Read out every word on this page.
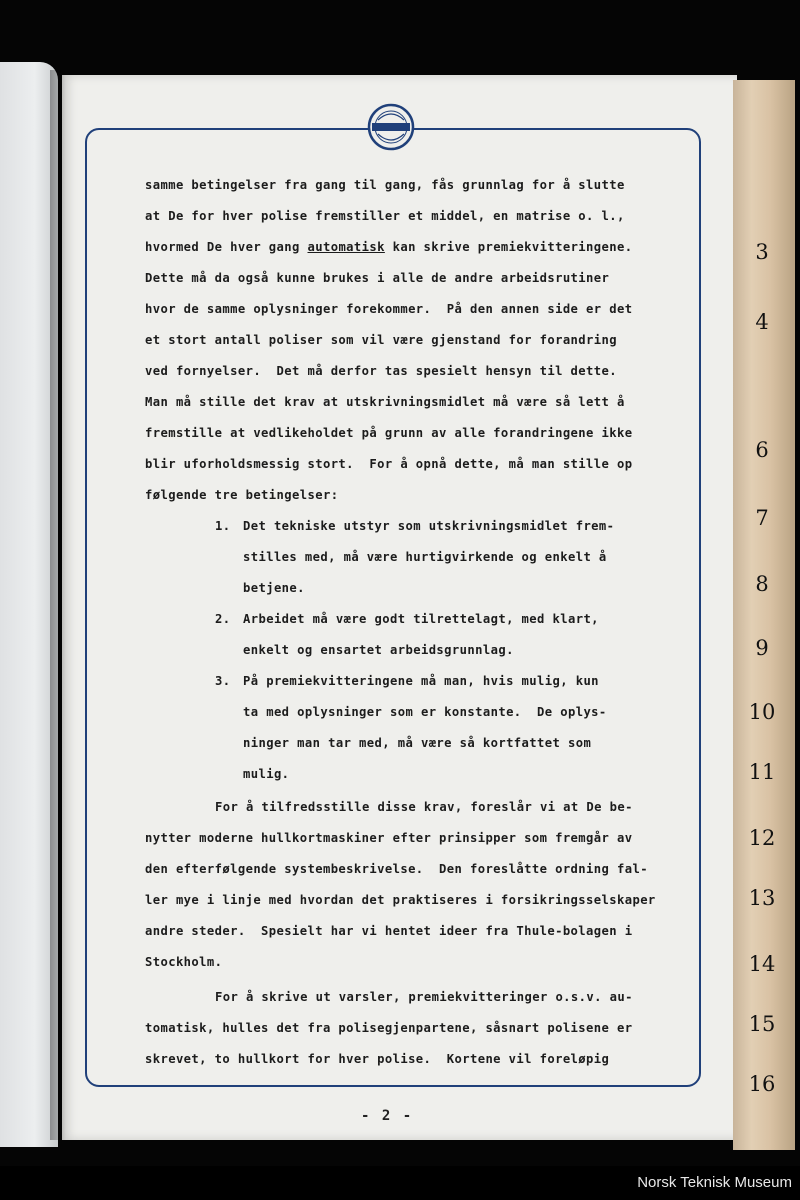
3
4
6
7
8
9
10
11
12
13
14
15
16
samme betingelser fra gang til gang, fås grunnlag for å slutte
at De for hver polise fremstiller et middel, en matrise o. l.,
hvormed De hver gang automatisk kan skrive premiekvitteringene.
Dette må da også kunne brukes i alle de andre arbeidsrutiner
hvor de samme oplysninger forekommer.  På den annen side er det
et stort antall poliser som vil være gjenstand for forandring
ved fornyelser.  Det må derfor tas spesielt hensyn til dette.
Man må stille det krav at utskrivningsmidlet må være så lett å
fremstille at vedlikeholdet på grunn av alle forandringene ikke
blir uforholdsmessig stort.  For å opnå dette, må man stille op
følgende tre betingelser:
1. Det tekniske utstyr som utskrivningsmidlet frem-
stilles med, må være hurtigvirkende og enkelt å
betjene.
2. Arbeidet må være godt tilrettelagt, med klart,
enkelt og ensartet arbeidsgrunnlag.
3. På premiekvitteringene må man, hvis mulig, kun
ta med oplysninger som er konstante.  De oplys-
ninger man tar med, må være så kortfattet som
mulig.
For å tilfredsstille disse krav, foreslår vi at De be-
nytter moderne hullkortmaskiner efter prinsipper som fremgår av
den efterfølgende systembeskrivelse.  Den foreslåtte ordning fal-
ler mye i linje med hvordan det praktiseres i forsikringsselskaper
andre steder.  Spesielt har vi hentet ideer fra Thule-bolagen i
Stockholm.
For å skrive ut varsler, premiekvitteringer o.s.v. au-
tomatisk, hulles det fra polisegjenpartene, såsnart polisene er
skrevet, to hullkort for hver polise.  Kortene vil foreløpig
- 2 -
Norsk Teknisk Museum
